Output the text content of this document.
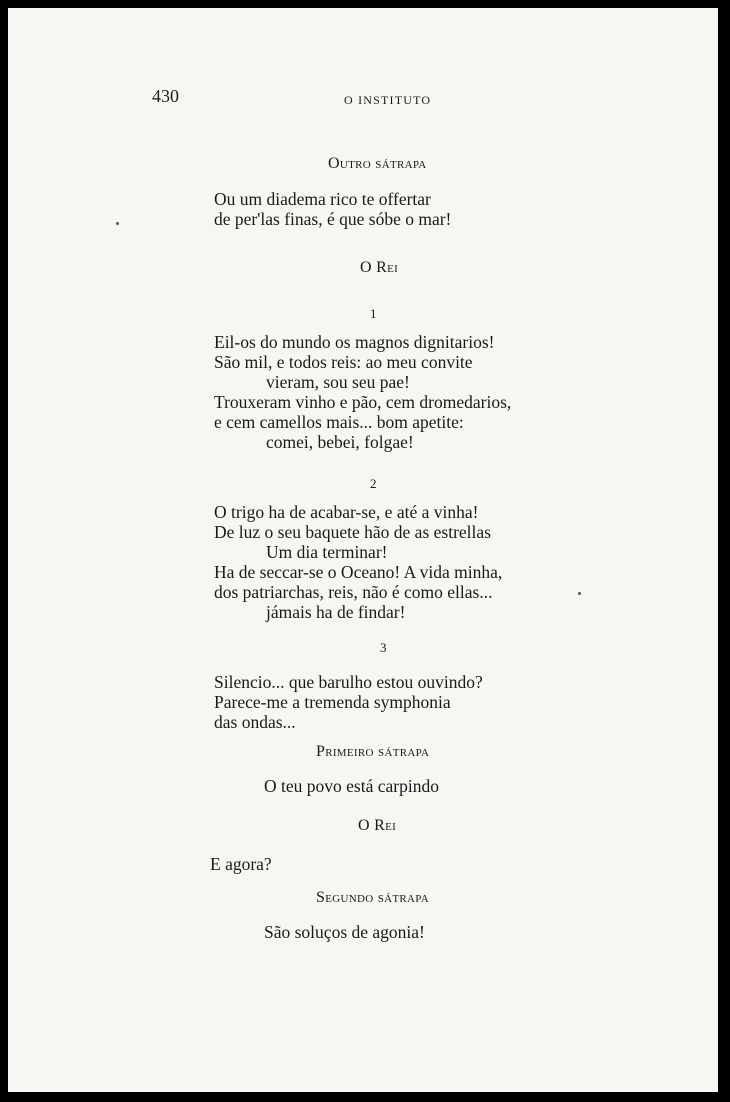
430	O INSTITUTO
Outro sátrapa
Ou um diadema rico te offertar
de per'las finas, é que sóbe o mar!
O Rei
1
Eil-os do mundo os magnos dignitarios!
São mil, e todos reis: ao meu convite
vieram, sou seu pae!
Trouxeram vinho e pão, cem dromedarios,
e cem camellos mais... bom apetite:
comei, bebei, folgae!
2
O trigo ha de acabar-se, e até a vinha!
De luz o seu baquete hão de as estrellas
Um dia terminar!
Ha de seccar-se o Oceano! A vida minha,
dos patriarchas, reis, não é como ellas...
jámais ha de findar!
3
Silencio... que barulho estou ouvindo?
Parece-me a tremenda symphonia
das ondas...
Primeiro sátrapa
O teu povo está carpindo
O Rei
E agora?
Segundo sátrapa
São soluços de agonia!
